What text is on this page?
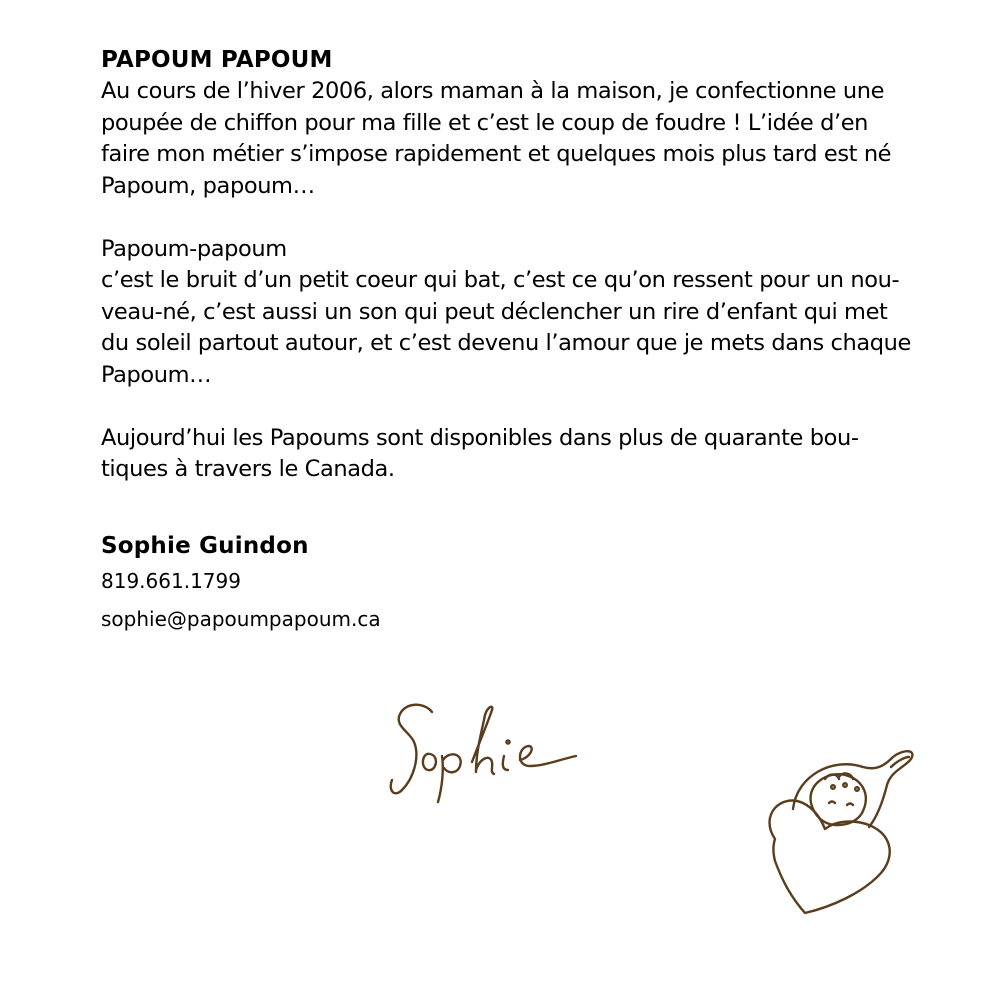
PAPOUM PAPOUM

Au cours de l’hiver 2006, alors maman à la maison, je confectionne une
poupée de chiffon pour ma fille et c’est le coup de foudre ! L’idée d’en
faire mon métier s’impose rapidement et quelques mois plus tard est né
Papoum, papoum…

Papoum-papoum
c’est le bruit d’un petit coeur qui bat, c’est ce qu’on ressent pour un nou-
veau-né, c’est aussi un son qui peut déclencher un rire d’enfant qui met
du soleil partout autour, et c’est devenu l’amour que je mets dans chaque
Papoum…

Aujourd’hui les Papoums sont disponibles dans plus de quarante bou-
tiques à travers le Canada.

Sophie Guindon

819.661.1799

sophie@papoumpapoum.ca
